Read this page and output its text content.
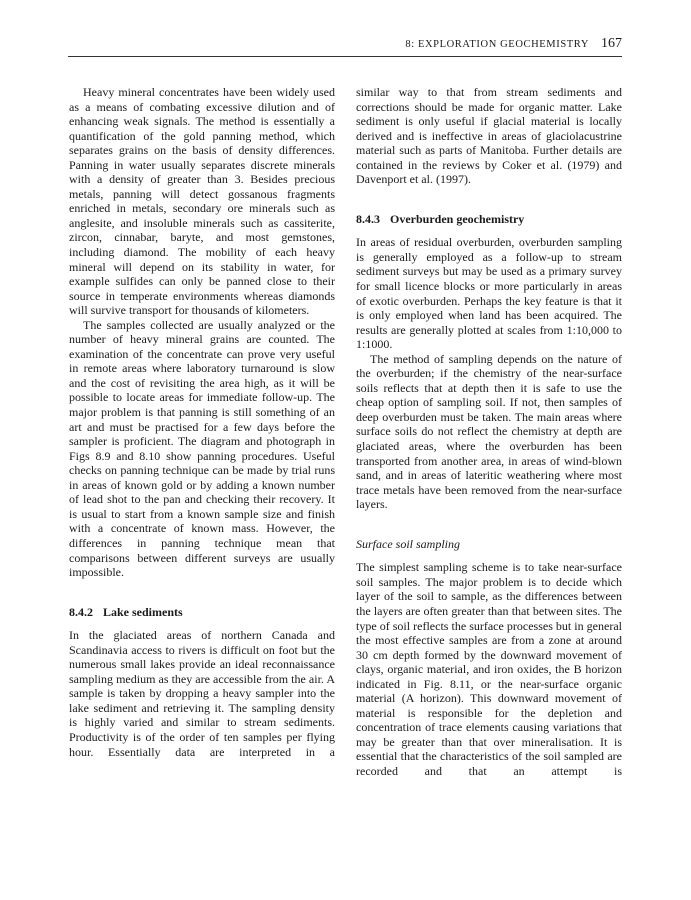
8: EXPLORATION GEOCHEMISTRY 167

Heavy mineral concentrates have been widely used as a means of combating excessive dilution and of enhancing weak signals. The method is essentially a quantification of the gold panning method, which separates grains on the basis of density differences. Panning in water usually separates discrete minerals with a density of greater than 3. Besides precious metals, panning will detect gossanous fragments enriched in metals, secondary ore minerals such as anglesite, and insoluble minerals such as cassiterite, zircon, cinnabar, baryte, and most gemstones, including diamond. The mobility of each heavy mineral will depend on its stability in water, for example sulfides can only be panned close to their source in temperate environments whereas diamonds will survive transport for thousands of kilometers.

The samples collected are usually analyzed or the number of heavy mineral grains are counted. The examination of the concentrate can prove very useful in remote areas where laboratory turnaround is slow and the cost of revisiting the area high, as it will be possible to locate areas for immediate follow-up. The major problem is that panning is still something of an art and must be practised for a few days before the sampler is proficient. The diagram and photograph in Figs 8.9 and 8.10 show panning procedures. Useful checks on panning technique can be made by trial runs in areas of known gold or by adding a known number of lead shot to the pan and checking their recovery. It is usual to start from a known sample size and finish with a concentrate of known mass. However, the differences in panning technique mean that comparisons between different surveys are usually impossible.

8.4.2 Lake sediments

In the glaciated areas of northern Canada and Scandinavia access to rivers is difficult on foot but the numerous small lakes provide an ideal reconnaissance sampling medium as they are accessible from the air. A sample is taken by dropping a heavy sampler into the lake sediment and retrieving it. The sampling density is highly varied and similar to stream sediments. Productivity is of the order of ten samples per flying hour. Essentially data are interpreted in a

similar way to that from stream sediments and corrections should be made for organic matter. Lake sediment is only useful if glacial material is locally derived and is ineffective in areas of glaciolacustrine material such as parts of Manitoba. Further details are contained in the reviews by Coker et al. (1979) and Davenport et al. (1997).

8.4.3 Overburden geochemistry

In areas of residual overburden, overburden sampling is generally employed as a follow-up to stream sediment surveys but may be used as a primary survey for small licence blocks or more particularly in areas of exotic overburden. Perhaps the key feature is that it is only employed when land has been acquired. The results are generally plotted at scales from 1:10,000 to 1:1000.

The method of sampling depends on the nature of the overburden; if the chemistry of the near-surface soils reflects that at depth then it is safe to use the cheap option of sampling soil. If not, then samples of deep overburden must be taken. The main areas where surface soils do not reflect the chemistry at depth are glaciated areas, where the overburden has been transported from another area, in areas of wind-blown sand, and in areas of lateritic weathering where most trace metals have been removed from the near-surface layers.

Surface soil sampling

The simplest sampling scheme is to take near-surface soil samples. The major problem is to decide which layer of the soil to sample, as the differences between the layers are often greater than that between sites. The type of soil reflects the surface processes but in general the most effective samples are from a zone at around 30 cm depth formed by the downward movement of clays, organic material, and iron oxides, the B horizon indicated in Fig. 8.11, or the near-surface organic material (A horizon). This downward movement of material is responsible for the depletion and concentration of trace elements causing variations that may be greater than that over mineralisation. It is essential that the characteristics of the soil sampled are recorded and that an attempt is
